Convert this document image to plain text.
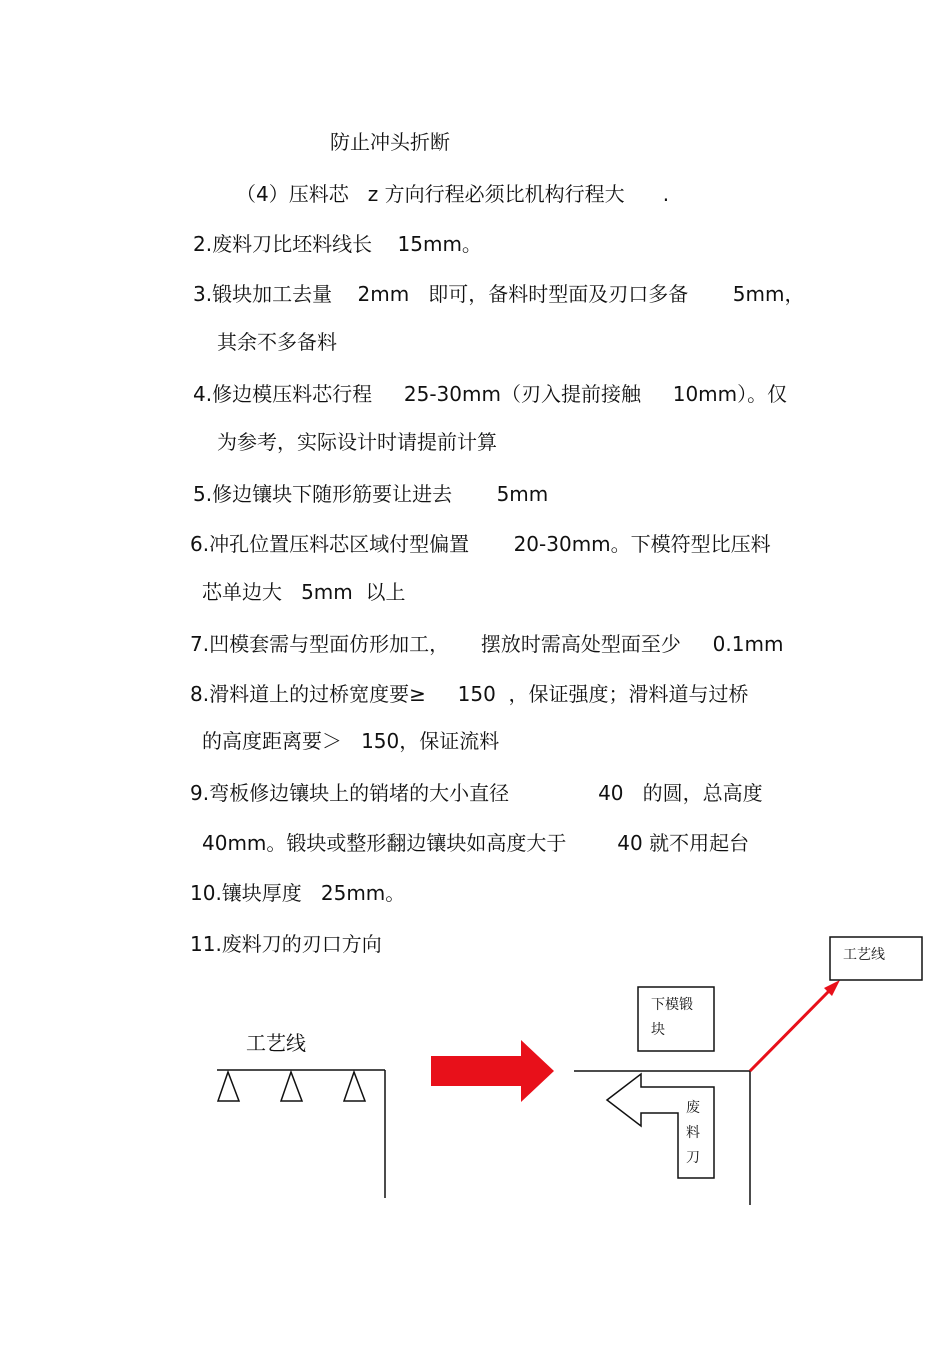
防止冲头折断
（4）压料芯   z 方向行程必须比机构行程大      .
2.废料刀比坯料线长    15mm。
3.锻块加工去量    2mm   即可，备料时型面及刃口多备       5mm，
其余不多备料
4.修边模压料芯行程     25-30mm（刃入提前接触     10mm）。仅
为参考，实际设计时请提前计算
5.修边镶块下随形筋要让进去       5mm
6.冲孔位置压料芯区域付型偏置       20-30mm。下模符型比压料
芯单边大   5mm  以上
7.凹模套需与型面仿形加工，     摆放时需高处型面至少     0.1mm
8.滑料道上的过桥宽度要≥     150  ，保证强度；滑料道与过桥
的高度距离要＞   150，保证流料
9.弯板修边镶块上的销堵的大小直径              40   的圆，总高度
40mm。锻块或整形翻边镶块如高度大于        40 就不用起台
10.镶块厚度   25mm。
11.废料刀的刃口方向
工艺线
工艺线
下模锻
块
废
料
刀
